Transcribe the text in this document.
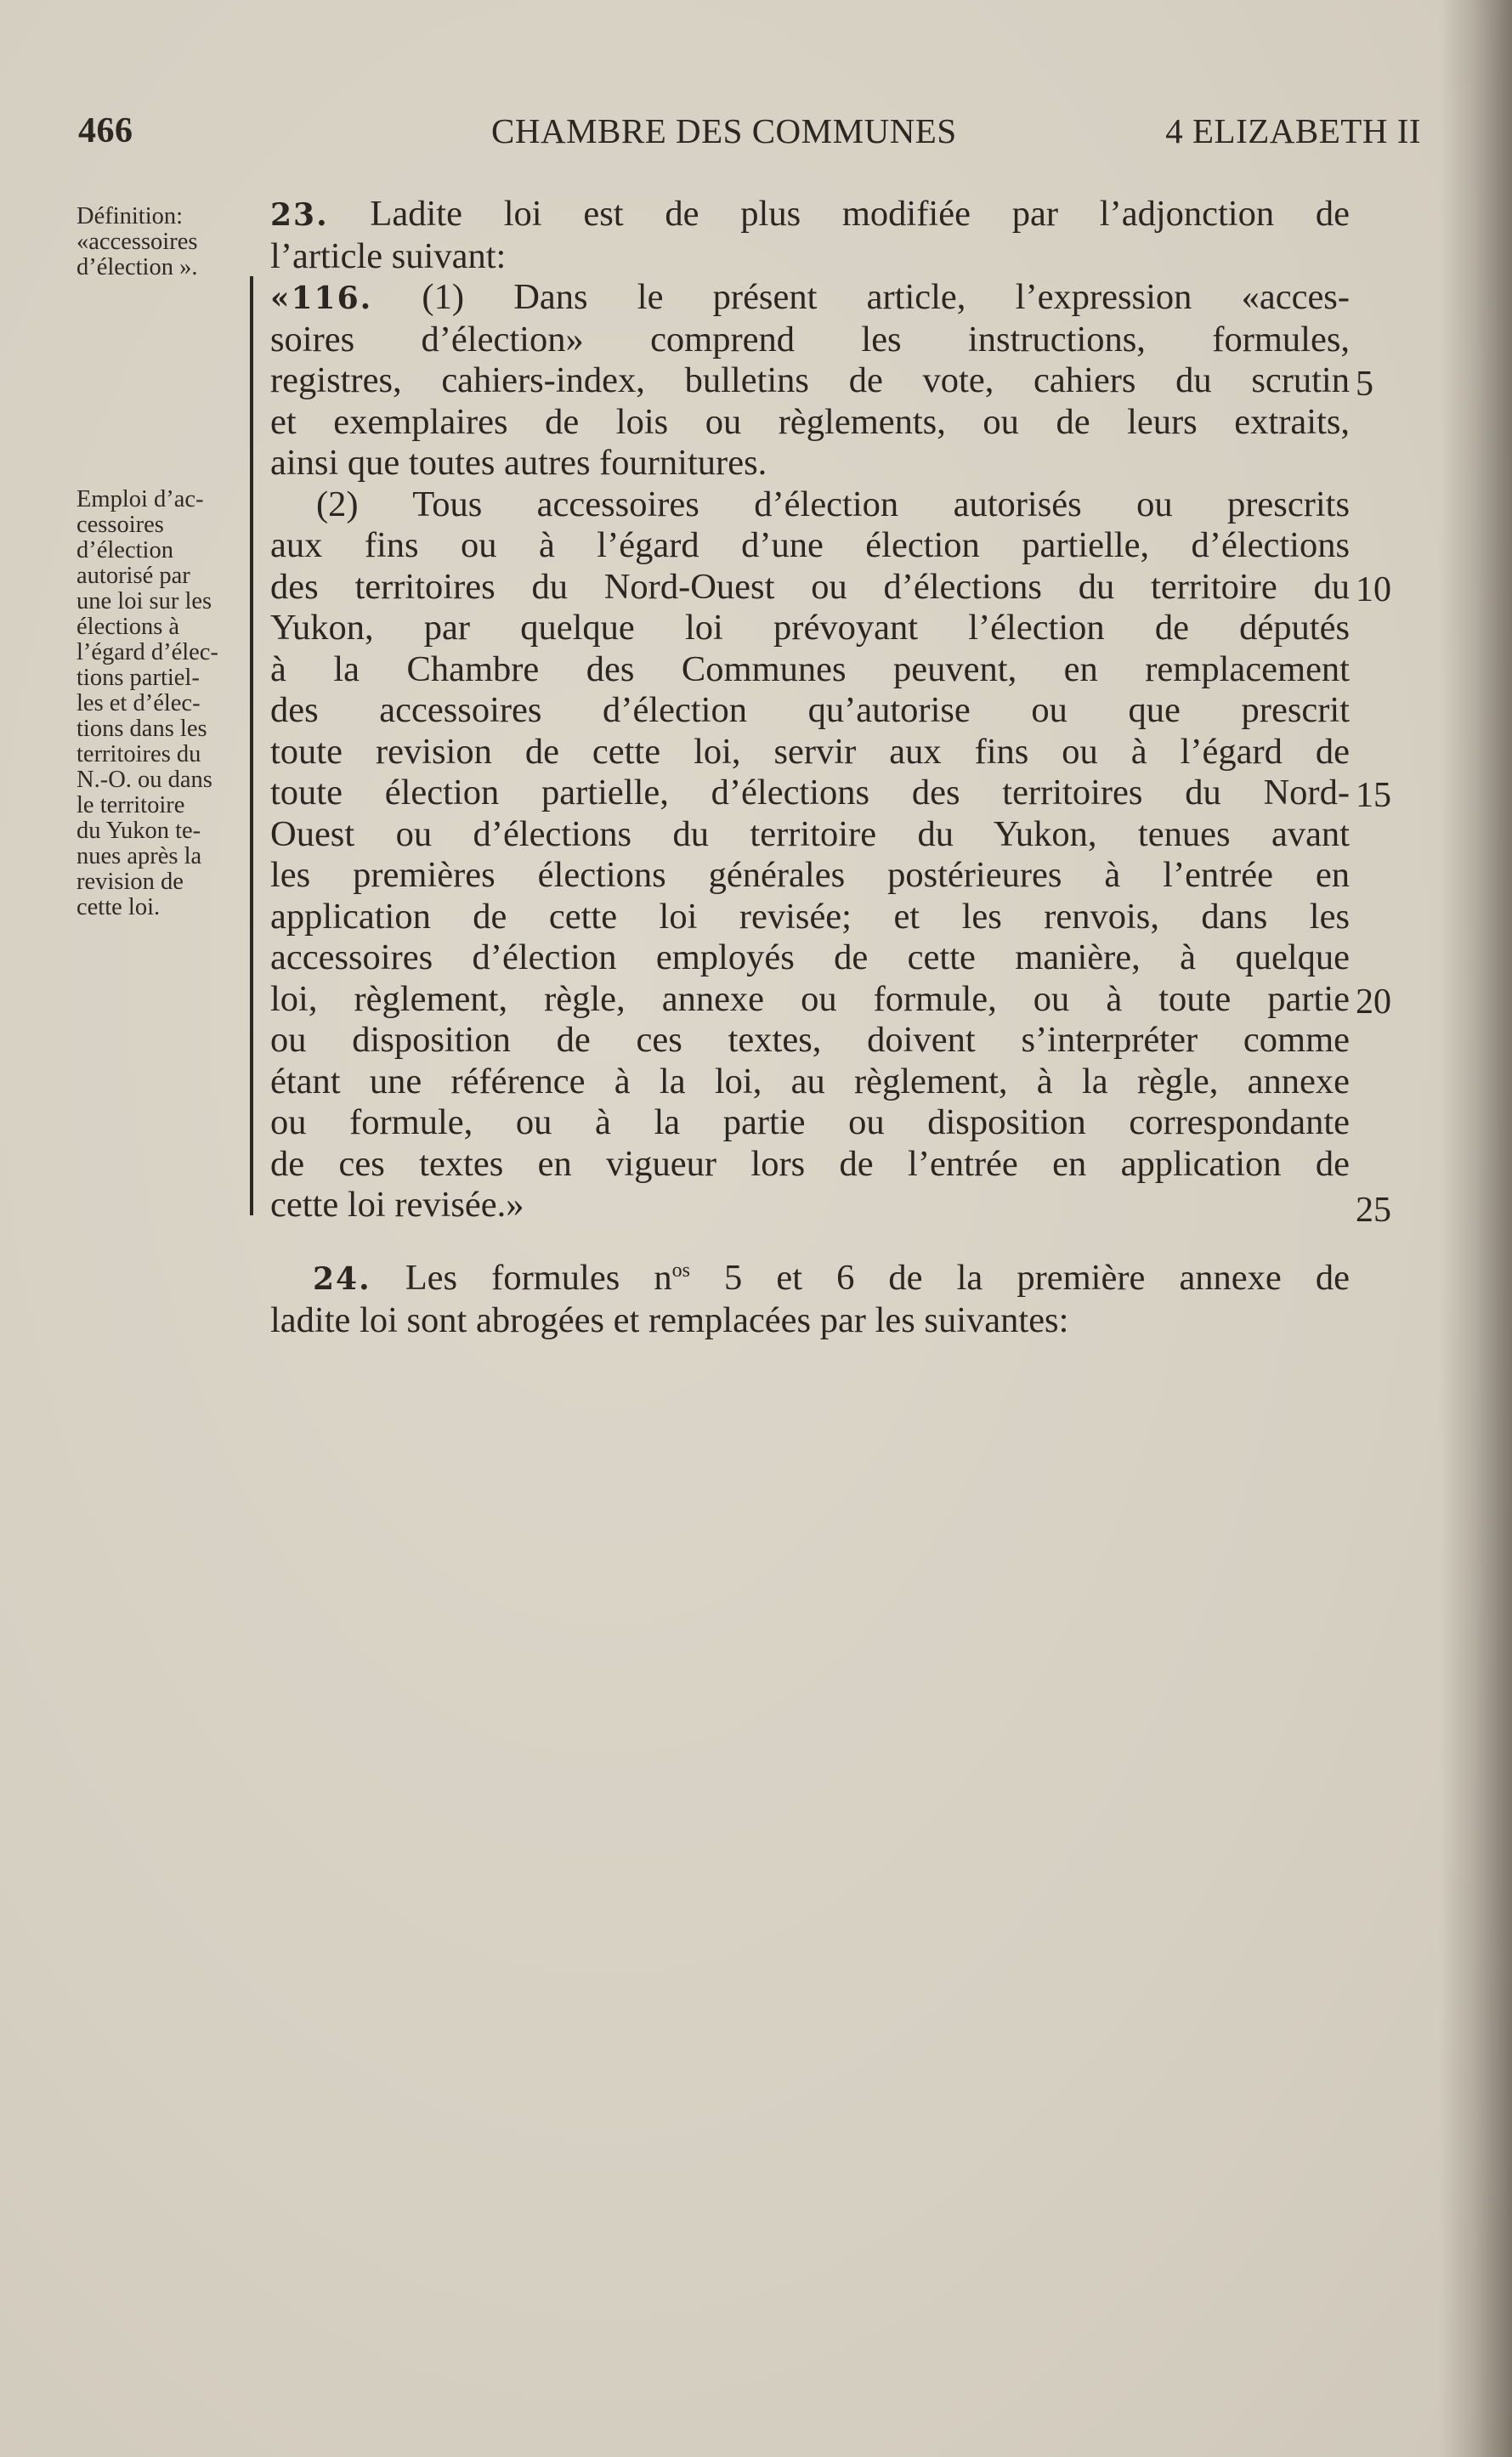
466	CHAMBRE DES COMMUNES	4 ELIZABETH II
Définition:
«accessoires
d’élection ».
Emploi d’ac-
cessoires
d’élection
autorisé par
une loi sur les
élections à
l’égard d’élec-
tions partiel-
les et d’élec-
tions dans les
territoires du
N.-O. ou dans
le territoire
du Yukon te-
nues après la
revision de
cette loi.
23. Ladite loi est de plus modifiée par l’adjonction de
l’article suivant:
«116. (1) Dans le présent article, l’expression «acces-
soires d’élection» comprend les instructions, formules,
registres, cahiers-index, bulletins de vote, cahiers du scrutin
et exemplaires de lois ou règlements, ou de leurs extraits,
ainsi que toutes autres fournitures.
(2) Tous accessoires d’élection autorisés ou prescrits
aux fins ou à l’égard d’une élection partielle, d’élections
des territoires du Nord-Ouest ou d’élections du territoire du
Yukon, par quelque loi prévoyant l’élection de députés
à la Chambre des Communes peuvent, en remplacement
des accessoires d’élection qu’autorise ou que prescrit
toute revision de cette loi, servir aux fins ou à l’égard de
toute élection partielle, d’élections des territoires du Nord-
Ouest ou d’élections du territoire du Yukon, tenues avant
les premières élections générales postérieures à l’entrée en
application de cette loi revisée; et les renvois, dans les
accessoires d’élection employés de cette manière, à quelque
loi, règlement, règle, annexe ou formule, ou à toute partie
ou disposition de ces textes, doivent s’interpréter comme
étant une référence à la loi, au règlement, à la règle, annexe
ou formule, ou à la partie ou disposition correspondante
de ces textes en vigueur lors de l’entrée en application de
cette loi revisée.»
24. Les formules $n^{os}$ 5 et 6 de la première annexe de
ladite loi sont abrogées et remplacées par les suivantes:
5
10
15
20
25
